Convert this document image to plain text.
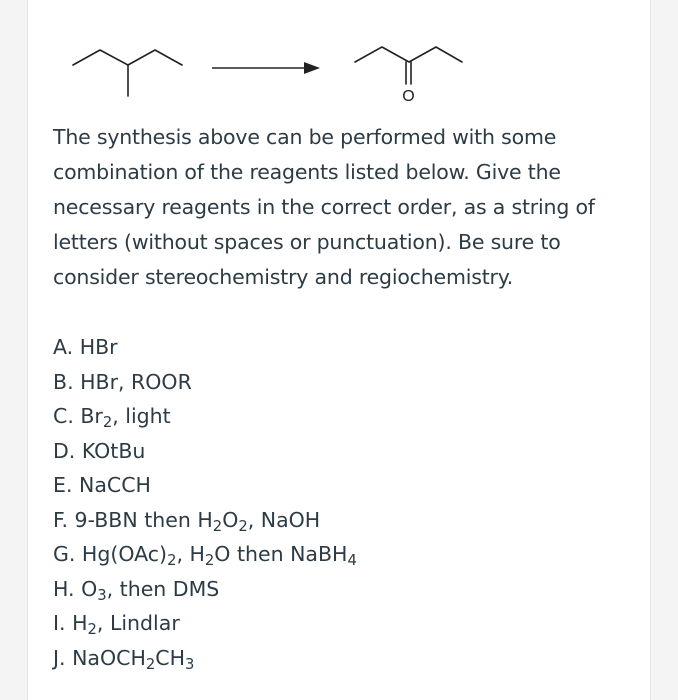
O

The synthesis above can be performed with some combination of the reagents listed below. Give the necessary reagents in the correct order, as a string of letters (without spaces or punctuation). Be sure to consider stereochemistry and regiochemistry.

A. HBr
B. HBr, ROOR
C. $Br_2$, light
D. KOtBu
E. NaCCH
F. 9-BBN then $H_2O_2$, NaOH
G. $Hg(OAc)_2$, $H_2O$ then NaBH$_4$
H. $O_3$, then DMS
I. $H_2$, Lindlar
J. $NaOCH_2CH_3$
